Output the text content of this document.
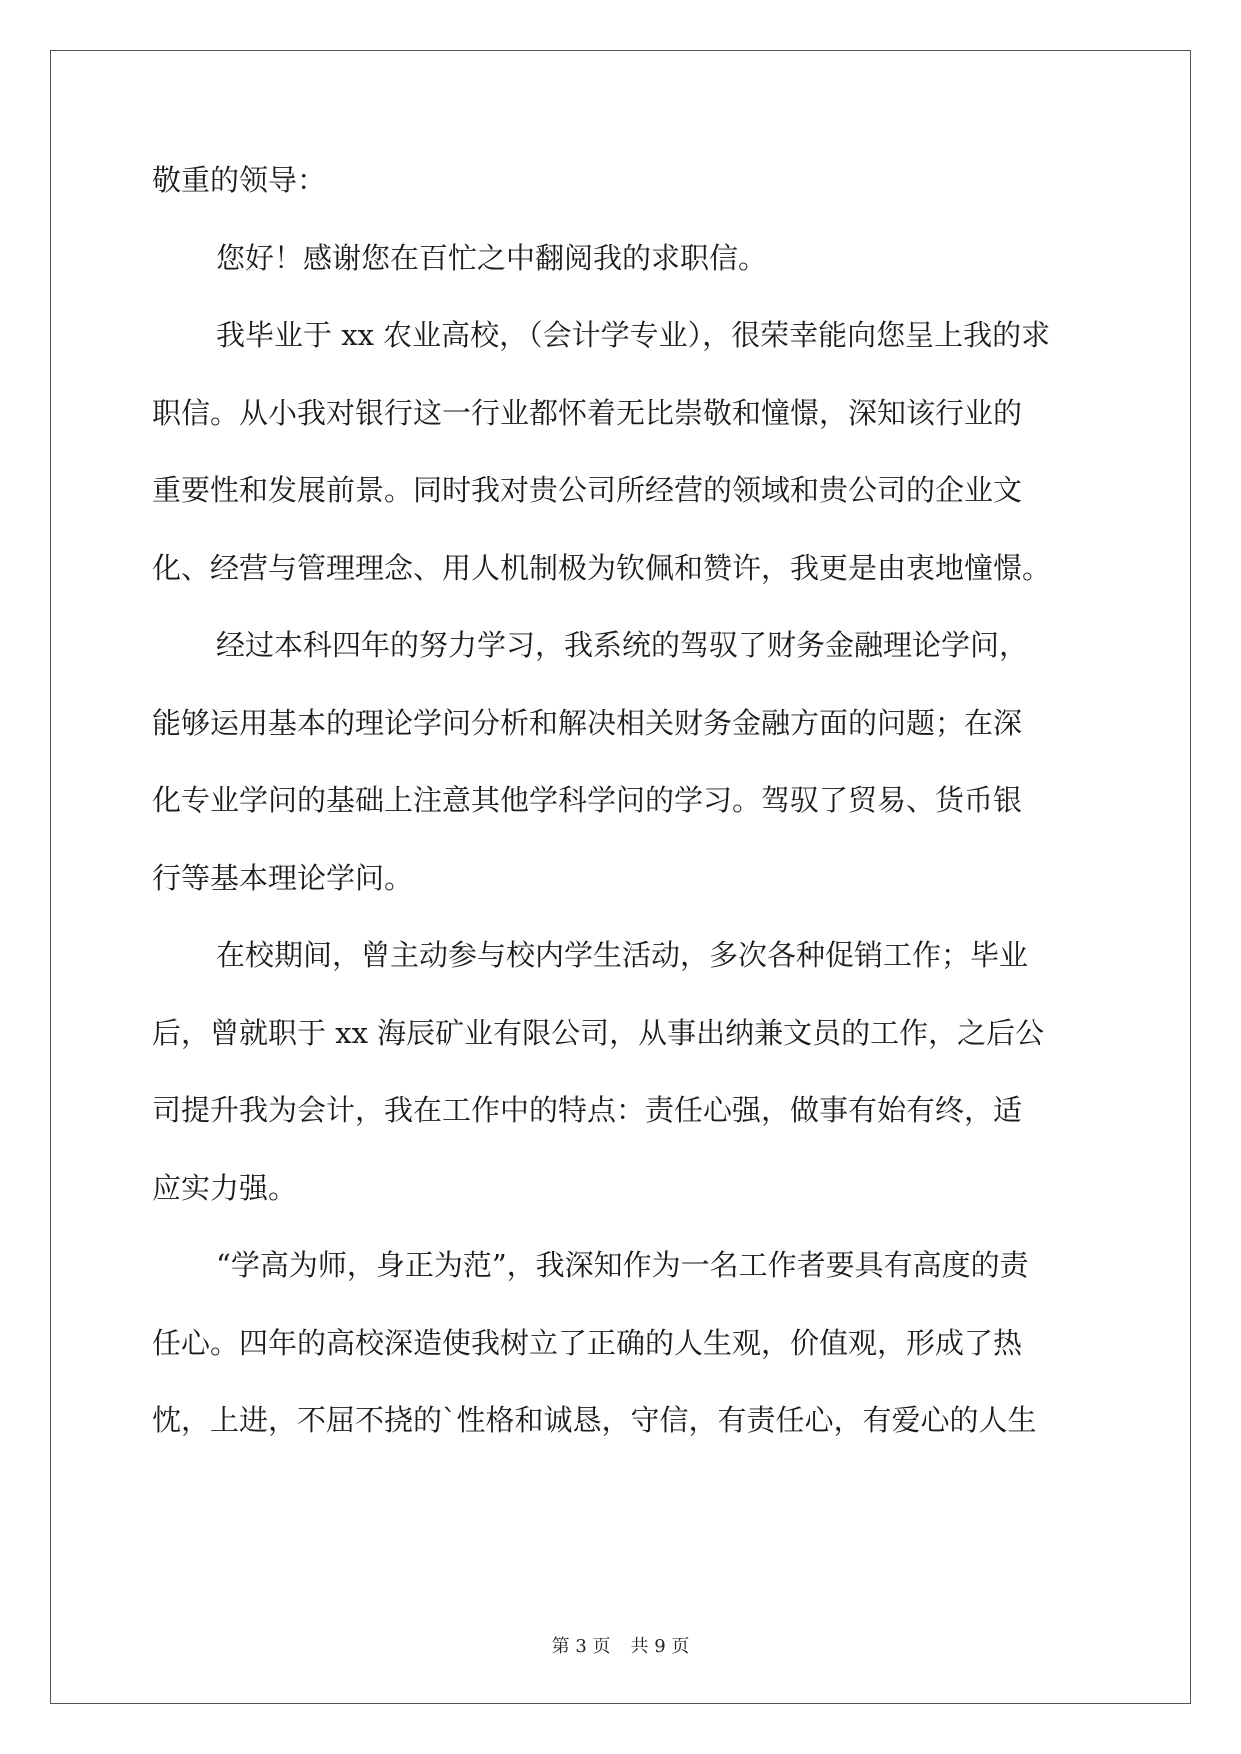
敬重的领导：
您好！感谢您在百忙之中翻阅我的求职信。
我毕业于 xx 农业高校，（会计学专业），很荣幸能向您呈上我的求
职信。从小我对银行这一行业都怀着无比崇敬和憧憬，深知该行业的
重要性和发展前景。同时我对贵公司所经营的领域和贵公司的企业文
化、经营与管理理念、用人机制极为钦佩和赞许，我更是由衷地憧憬。
经过本科四年的努力学习，我系统的驾驭了财务金融理论学问，
能够运用基本的理论学问分析和解决相关财务金融方面的问题；在深
化专业学问的基础上注意其他学科学问的学习。驾驭了贸易、货币银
行等基本理论学问。
在校期间，曾主动参与校内学生活动，多次各种促销工作；毕业
后，曾就职于 xx 海辰矿业有限公司，从事出纳兼文员的工作，之后公
司提升我为会计，我在工作中的特点：责任心强，做事有始有终，适
应实力强。
“学高为师，身正为范”，我深知作为一名工作者要具有高度的责
任心。四年的高校深造使我树立了正确的人生观，价值观，形成了热
忱，上进，不屈不挠的`性格和诚恳，守信，有责任心，有爱心的人生
第 3 页 共 9 页
